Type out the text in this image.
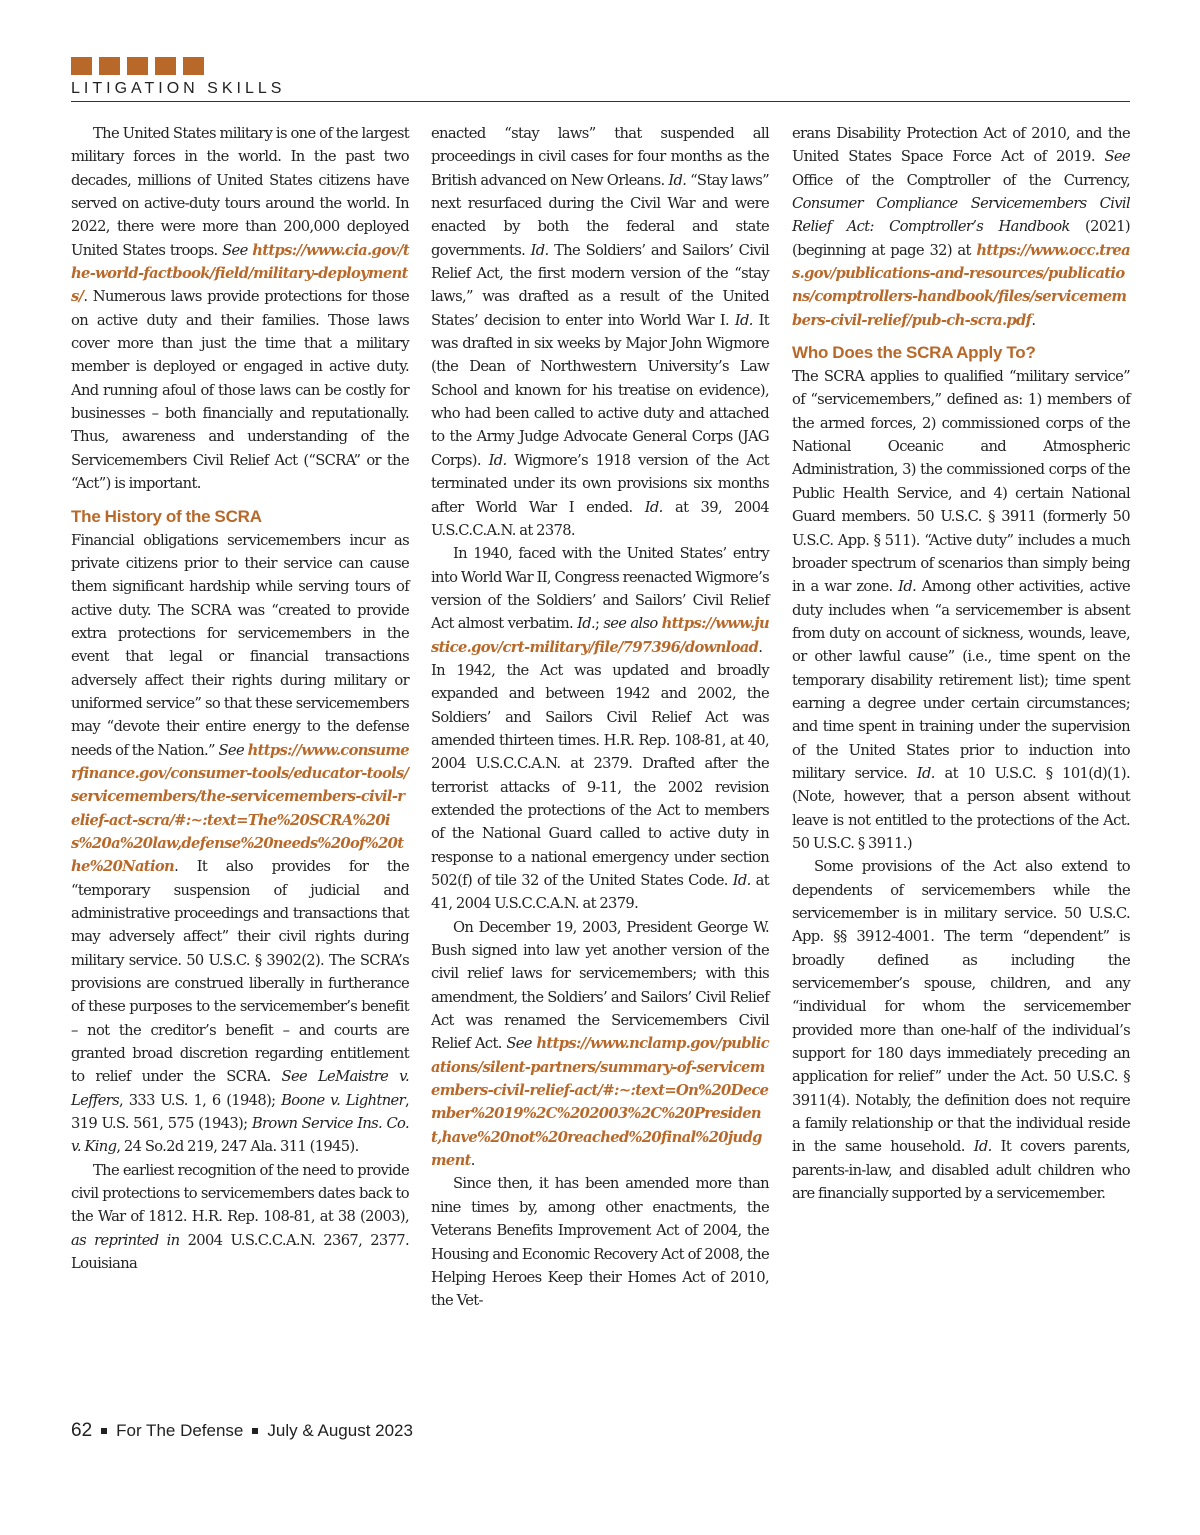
LITIGATION SKILLS

The United States military is one of the largest military forces in the world. In the past two decades, millions of United States citizens have served on active-duty tours around the world. In 2022, there were more than 200,000 deployed United States troops. See https:/​/​www.cia.gov/​the-world-factbook/​field/​military-deployments/​. Numerous laws provide protections for those on active duty and their families. Those laws cover more than just the time that a military member is deployed or engaged in active duty. And running afoul of those laws can be costly for businesses – both financially and reputationally. Thus, awareness and understanding of the Servicemembers Civil Relief Act (“SCRA” or the “Act”) is important.

The History of the SCRA

Financial obligations servicemembers incur as private citizens prior to their service can cause them significant hardship while serving tours of active duty. The SCRA was “created to provide extra protections for servicemembers in the event that legal or financial transactions adversely affect their rights during military or uniformed service” so that these servicemembers may “devote their entire energy to the defense needs of the Nation.” See https:/​/​www.consumerfinance.gov/​consumer-tools/​educator-tools/​servicemembers/​the-servicemembers-civil-relief-act-scra/​#:~:text=The%20SCRA%20is%20a%20law,defense%20needs%20of%20the%20Nation. It also provides for the “temporary suspension of judicial and administrative proceedings and transactions that may adversely affect” their civil rights during military service. 50 U.S.C. § 3902(2). The SCRA’s provisions are construed liberally in furtherance of these purposes to the servicemember’s benefit – not the creditor’s benefit – and courts are granted broad discretion regarding entitlement to relief under the SCRA. See LeMaistre v. Leffers, 333 U.S. 1, 6 (1948); Boone v. Lightner, 319 U.S. 561, 575 (1943); Brown Service Ins. Co. v. King, 24 So.2d 219, 247 Ala. 311 (1945).

The earliest recognition of the need to provide civil protections to servicemembers dates back to the War of 1812. H.R. Rep. 108-81, at 38 (2003), as reprinted in 2004 U.S.C.C.A.N. 2367, 2377. Louisiana

enacted “stay laws” that suspended all proceedings in civil cases for four months as the British advanced on New Orleans. Id. “Stay laws” next resurfaced during the Civil War and were enacted by both the federal and state governments. Id. The Soldiers’ and Sailors’ Civil Relief Act, the first modern version of the “stay laws,” was drafted as a result of the United States’ decision to enter into World War I. Id. It was drafted in six weeks by Major John Wigmore (the Dean of Northwestern University’s Law School and known for his treatise on evidence), who had been called to active duty and attached to the Army Judge Advocate General Corps (JAG Corps). Id. Wigmore’s 1918 version of the Act terminated under its own provisions six months after World War I ended. Id. at 39, 2004 U.S.C.C.A.N. at 2378.

In 1940, faced with the United States’ entry into World War II, Congress reenacted Wigmore’s version of the Soldiers’ and Sailors’ Civil Relief Act almost verbatim. Id.; see also https:/​/​www.justice.gov/​crt-military/​file/​797396/​download. In 1942, the Act was updated and broadly expanded and between 1942 and 2002, the Soldiers’ and Sailors Civil Relief Act was amended thirteen times. H.R. Rep. 108-81, at 40, 2004 U.S.C.C.A.N. at 2379. Drafted after the terrorist attacks of 9-11, the 2002 revision extended the protections of the Act to members of the National Guard called to active duty in response to a national emergency under section 502(f) of tile 32 of the United States Code. Id. at 41, 2004 U.S.C.C.A.N. at 2379.

On December 19, 2003, President George W. Bush signed into law yet another version of the civil relief laws for servicemembers; with this amendment, the Soldiers’ and Sailors’ Civil Relief Act was renamed the Servicemembers Civil Relief Act. See https:/​/​www.nclamp.gov/​publications/​silent-partners/​summary-of-servicemembers-civil-relief-act/​#:~:text=On%20December%2019%2C%202003%2C%20President,have%20not%20reached%20final%20judgment.

Since then, it has been amended more than nine times by, among other enactments, the Veterans Benefits Improvement Act of 2004, the Housing and Economic Recovery Act of 2008, the Helping Heroes Keep their Homes Act of 2010, the Vet-

erans Disability Protection Act of 2010, and the United States Space Force Act of 2019. See Office of the Comptroller of the Currency, Consumer Compliance Servicemembers Civil Relief Act: Comptroller’s Handbook (2021) (beginning at page 32) at https:/​/​www.occ.treas.gov/​publications-and-resources/​publications/​comptrollers-handbook/​files/​servicemembers-civil-relief/​pub-ch-scra.pdf.

Who Does the SCRA Apply To?

The SCRA applies to qualified “military service” of “servicemembers,” defined as: 1) members of the armed forces, 2) commissioned corps of the National Oceanic and Atmospheric Administration, 3) the commissioned corps of the Public Health Service, and 4) certain National Guard members. 50 U.S.C. § 3911 (formerly 50 U.S.C. App. § 511). “Active duty” includes a much broader spectrum of scenarios than simply being in a war zone. Id. Among other activities, active duty includes when “a servicemember is absent from duty on account of sickness, wounds, leave, or other lawful cause” (i.e., time spent on the temporary disability retirement list); time spent earning a degree under certain circumstances; and time spent in training under the supervision of the United States prior to induction into military service. Id. at 10 U.S.C. § 101(d)(1). (Note, however, that a person absent without leave is not entitled to the protections of the Act. 50 U.S.C. § 3911.)

Some provisions of the Act also extend to dependents of servicemembers while the servicemember is in military service. 50 U.S.C. App. §§ 3912-4001. The term “dependent” is broadly defined as including the servicemember’s spouse, children, and any “individual for whom the servicemember provided more than one-half of the individual’s support for 180 days immediately preceding an application for relief” under the Act. 50 U.S.C. § 3911(4). Notably, the definition does not require a family relationship or that the individual reside in the same household. Id. It covers parents, parents-in-law, and disabled adult children who are financially supported by a servicemember.

62 For The Defense July & August 2023
